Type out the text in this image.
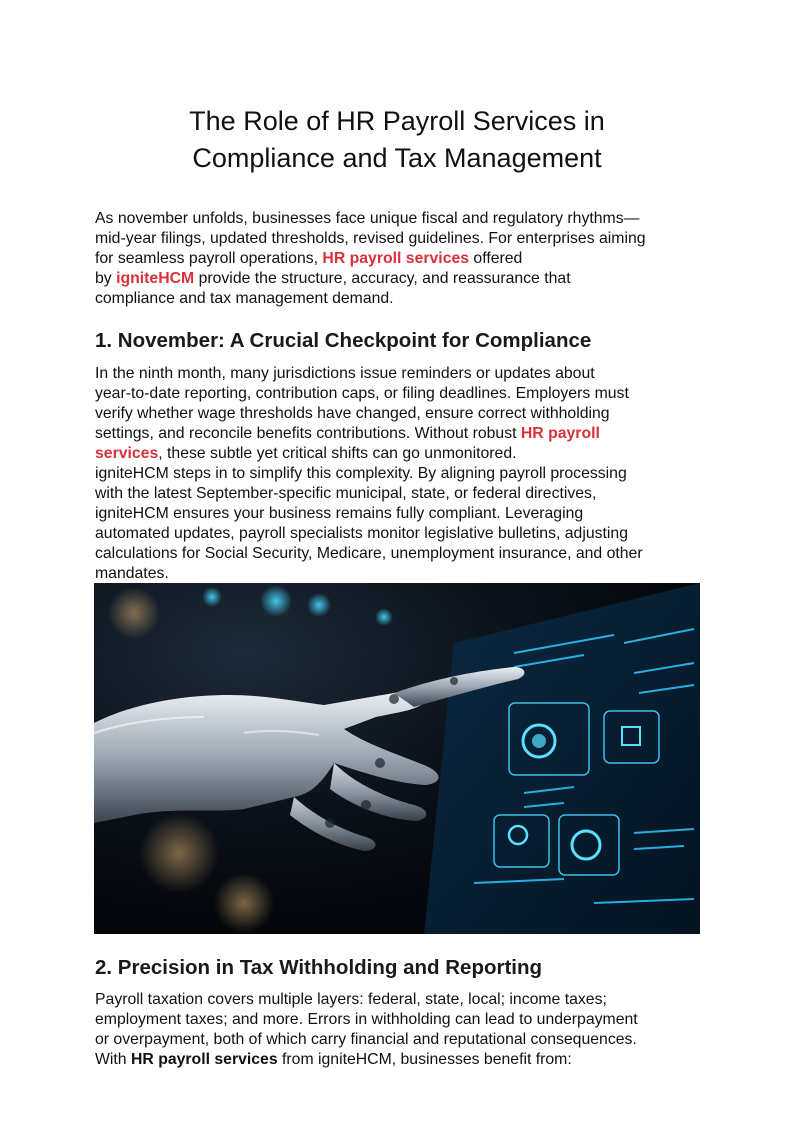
The Role of HR Payroll Services in
Compliance and Tax Management

As november unfolds, businesses face unique fiscal and regulatory rhythms—
mid-year filings, updated thresholds, revised guidelines. For enterprises aiming
for seamless payroll operations, HR payroll services offered
by igniteHCM provide the structure, accuracy, and reassurance that
compliance and tax management demand.

1. November: A Crucial Checkpoint for Compliance

In the ninth month, many jurisdictions issue reminders or updates about
year-to-date reporting, contribution caps, or filing deadlines. Employers must
verify whether wage thresholds have changed, ensure correct withholding
settings, and reconcile benefits contributions. Without robust HR payroll
services, these subtle yet critical shifts can go unmonitored.
igniteHCM steps in to simplify this complexity. By aligning payroll processing
with the latest September-specific municipal, state, or federal directives,
igniteHCM ensures your business remains fully compliant. Leveraging
automated updates, payroll specialists monitor legislative bulletins, adjusting
calculations for Social Security, Medicare, unemployment insurance, and other
mandates.

2. Precision in Tax Withholding and Reporting

Payroll taxation covers multiple layers: federal, state, local; income taxes;
employment taxes; and more. Errors in withholding can lead to underpayment
or overpayment, both of which carry financial and reputational consequences.
With HR payroll services from igniteHCM, businesses benefit from:
